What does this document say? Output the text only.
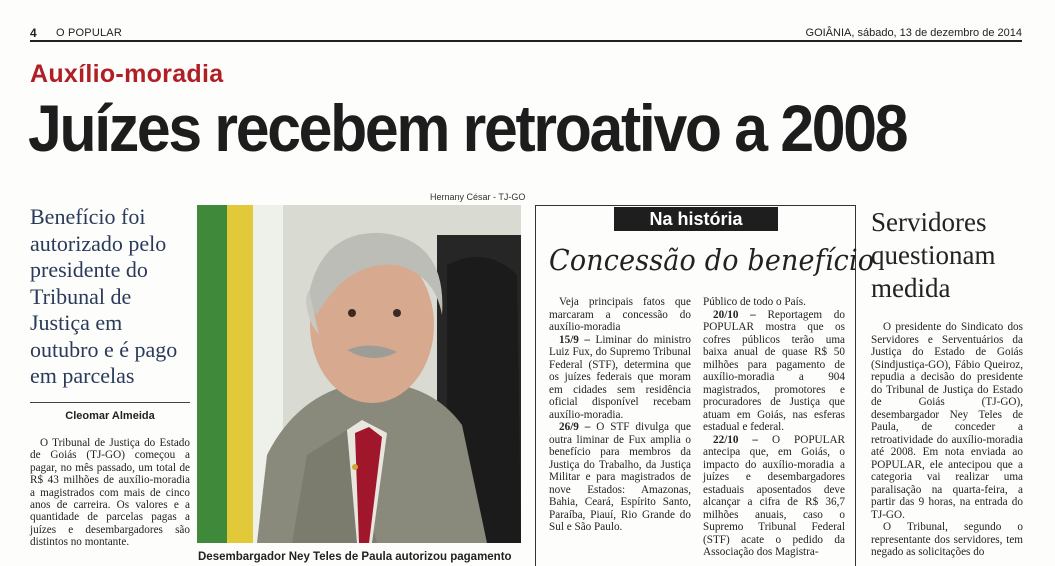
4 O POPULAR	GOIÂNIA, sábado, 13 de dezembro de 2014
Auxílio-moradia
Juízes recebem retroativo a 2008
Hernany César - TJ-GO
Benefício foi autorizado pelo presidente do Tribunal de Justiça em outubro e é pago em parcelas
Cleomar Almeida
O Tribunal de Justiça do Estado de Goiás (TJ-GO) começou a pagar, no mês passado, um total de R$ 43 milhões de auxílio-moradia a magistrados com mais de cinco anos de carreira. Os valores e a quantidade de parcelas pagas a juízes e desembargadores são distintos no montante.
Desembargador Ney Teles de Paula autorizou pagamento
Na história
Concessão do benefício

Veja principais fatos que marcaram a concessão do auxílio-moradia

15/9 – Liminar do ministro Luiz Fux, do Supremo Tribunal Federal (STF), determina que os juízes federais que moram em cidades sem residência oficial disponível recebam auxílio-moradia.

26/9 – O STF divulga que outra liminar de Fux amplia o benefício para membros da Justiça do Trabalho, da Justiça Militar e para magistrados de nove Estados: Amazonas, Bahia, Ceará, Espírito Santo, Paraíba, Piauí, Rio Grande do Sul e São Paulo.

Público de todo o País.

20/10 – Reportagem do POPULAR mostra que os cofres públicos terão uma baixa anual de quase R$ 50 milhões para pagamento de auxílio-moradia a 904 magistrados, promotores e procuradores de Justiça que atuam em Goiás, nas esferas estadual e federal.

22/10 – O POPULAR antecipa que, em Goiás, o impacto do auxílio-moradia a juízes e desembargadores estaduais aposentados deve alcançar a cifra de R$ 36,7 milhões anuais, caso o Supremo Tribunal Federal (STF) acate o pedido da Associação dos Magistra-

Servidores questionam medida

O presidente do Sindicato dos Servidores e Serventuários da Justiça do Estado de Goiás (Sindjustiça-GO), Fábio Queiroz, repudia a decisão do presidente do Tribunal de Justiça do Estado de Goiás (TJ-GO), desembargador Ney Teles de Paula, de conceder a retroatividade do auxílio-moradia até 2008. Em nota enviada ao POPULAR, ele antecipou que a categoria vai realizar uma paralisação na quarta-feira, a partir das 9 horas, na entrada do TJ-GO.

O Tribunal, segundo o representante dos servidores, tem negado as solicitações do
